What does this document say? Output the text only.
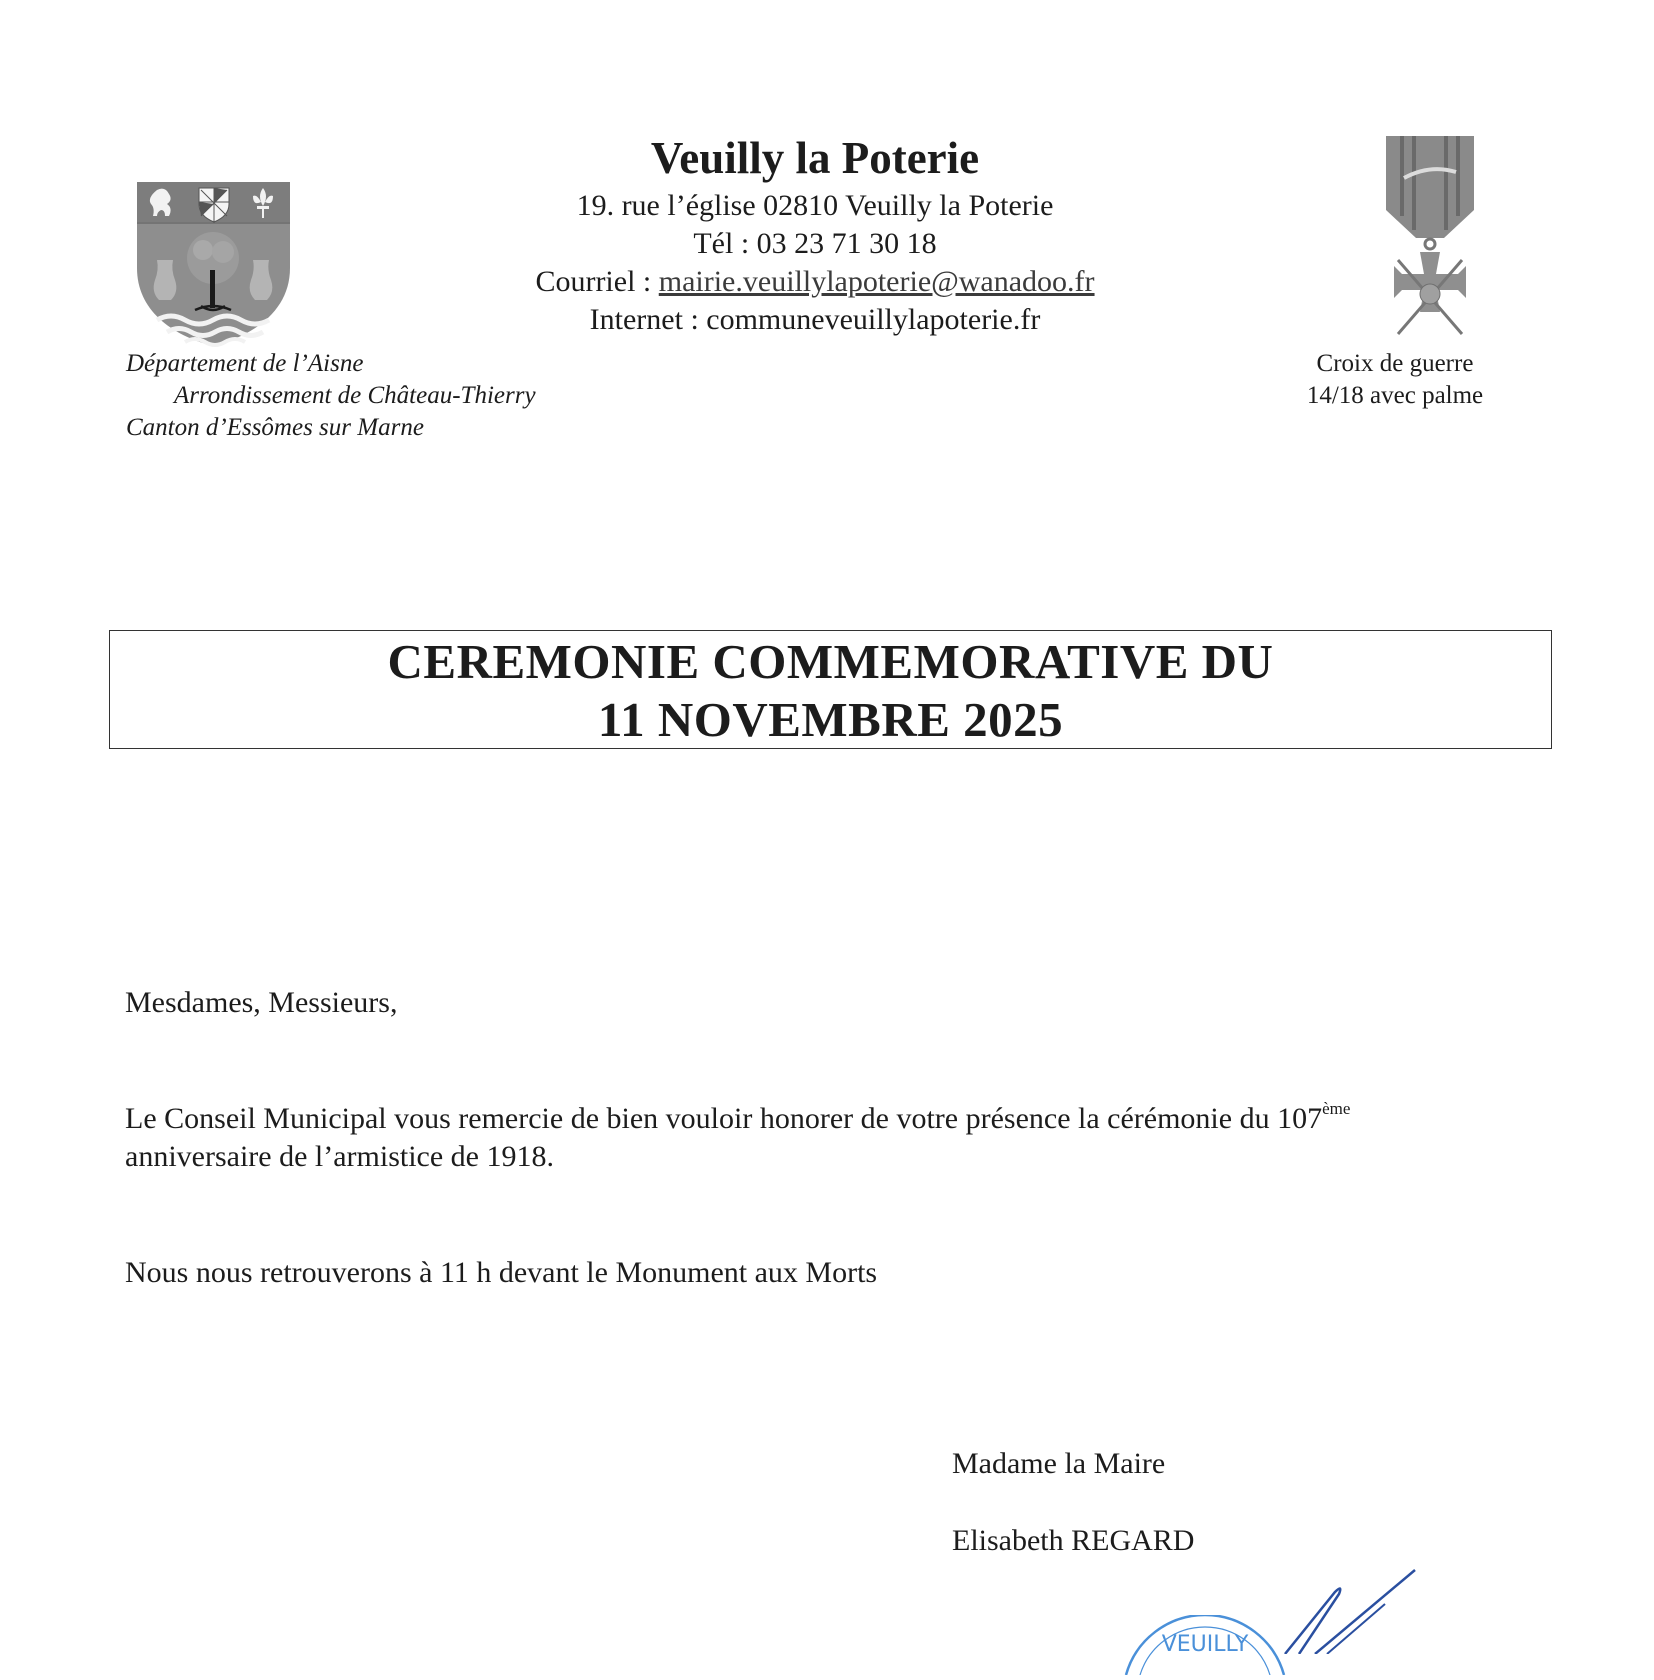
Veuilly la Poterie
19. rue l’église 02810 Veuilly la Poterie
Tél : 03 23 71 30 18
Courriel : mairie.veuillylapoterie@wanadoo.fr
Internet : communeveuillylapoterie.fr
Département de l’Aisne
Arrondissement de Château-Thierry
Canton d’Essômes sur Marne
Croix de guerre
14/18 avec palme
CEREMONIE COMMEMORATIVE DU
11 NOVEMBRE 2025
Mesdames, Messieurs,
Le Conseil Municipal vous remercie de bien vouloir honorer de votre présence la cérémonie du 107ème
anniversaire de l’armistice de 1918.
Nous nous retrouverons à 11 h devant le Monument aux Morts
Madame la Maire
Elisabeth REGARD
VEUILLY
